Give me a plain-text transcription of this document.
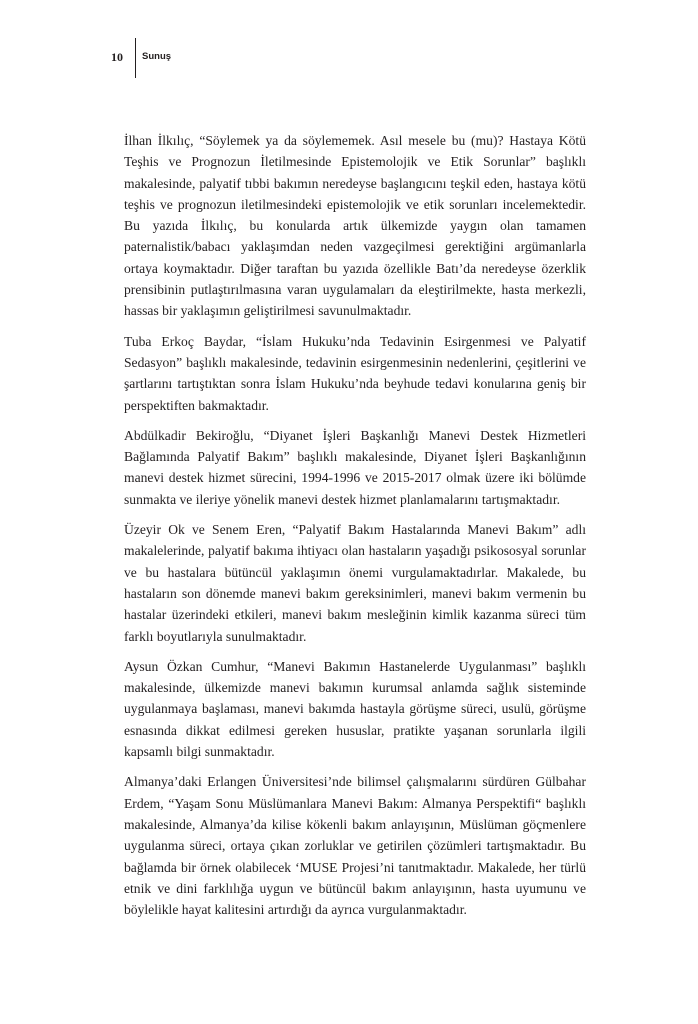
10	Sunuş

İlhan İlkılıç, “Söylemek ya da söylememek. Asıl mesele bu (mu)? Hastaya Kötü Teşhis ve Prognozun İletilmesinde Epistemolojik ve Etik Sorunlar” başlıklı makalesinde, palyatif tıbbi bakımın neredeyse başlangıcını teşkil eden, hastaya kötü teşhis ve prognozun iletilmesindeki epistemolojik ve etik sorunları incelemektedir. Bu yazıda İlkılıç, bu konularda artık ülkemizde yaygın olan tamamen paternalistik/babacı yaklaşımdan neden vazgeçilmesi gerektiğini argümanlarla ortaya koymaktadır. Diğer taraftan bu yazıda özellikle Batı’da neredeyse özerklik prensibinin putlaştırılmasına varan uygulamaları da eleştirilmekte, hasta merkezli, hassas bir yaklaşımın geliştirilmesi savunulmaktadır.

Tuba Erkoç Baydar, “İslam Hukuku’nda Tedavinin Esirgenmesi ve Palyatif Sedasyon” başlıklı makalesinde, tedavinin esirgenmesinin nedenlerini, çeşitlerini ve şartlarını tartıştıktan sonra İslam Hukuku’nda beyhude tedavi konularına geniş bir perspektiften bakmaktadır.

Abdülkadir Bekiroğlu, “Diyanet İşleri Başkanlığı Manevi Destek Hizmetleri Bağlamında Palyatif Bakım” başlıklı makalesinde, Diyanet İşleri Başkanlığının manevi destek hizmet sürecini, 1994-1996 ve 2015-2017 olmak üzere iki bölümde sunmakta ve ileriye yönelik manevi destek hizmet planlamalarını tartışmaktadır.

Üzeyir Ok ve Senem Eren, “Palyatif Bakım Hastalarında Manevi Bakım” adlı makalelerinde, palyatif bakıma ihtiyacı olan hastaların yaşadığı psikososyal sorunlar ve bu hastalara bütüncül yaklaşımın önemi vurgulamaktadırlar. Makalede, bu hastaların son dönemde manevi bakım gereksinimleri, manevi bakım vermenin bu hastalar üzerindeki etkileri, manevi bakım mesleğinin kimlik kazanma süreci tüm farklı boyutlarıyla sunulmaktadır.

Aysun Özkan Cumhur, “Manevi Bakımın Hastanelerde Uygulanması” başlıklı makalesinde, ülkemizde manevi bakımın kurumsal anlamda sağlık sisteminde uygulanmaya başlaması, manevi bakımda hastayla görüşme süreci, usulü, görüşme esnasında dikkat edilmesi gereken hususlar, pratikte yaşanan sorunlarla ilgili kapsamlı bilgi sunmaktadır.

Almanya’daki Erlangen Üniversitesi’nde bilimsel çalışmalarını sürdüren Gülbahar Erdem, “Yaşam Sonu Müslümanlara Manevi Bakım: Almanya Perspektifi“ başlıklı makalesinde, Almanya’da kilise kökenli bakım anlayışının, Müslüman göçmenlere uygulanma süreci, ortaya çıkan zorluklar ve getirilen çözümleri tartışmaktadır. Bu bağlamda bir örnek olabilecek ‘MUSE Projesi’ni tanıtmaktadır. Makalede, her türlü etnik ve dini farklılığa uygun ve bütüncül bakım anlayışının, hasta uyumunu ve böylelikle hayat kalitesini artırdığı da ayrıca vurgulanmaktadır.
